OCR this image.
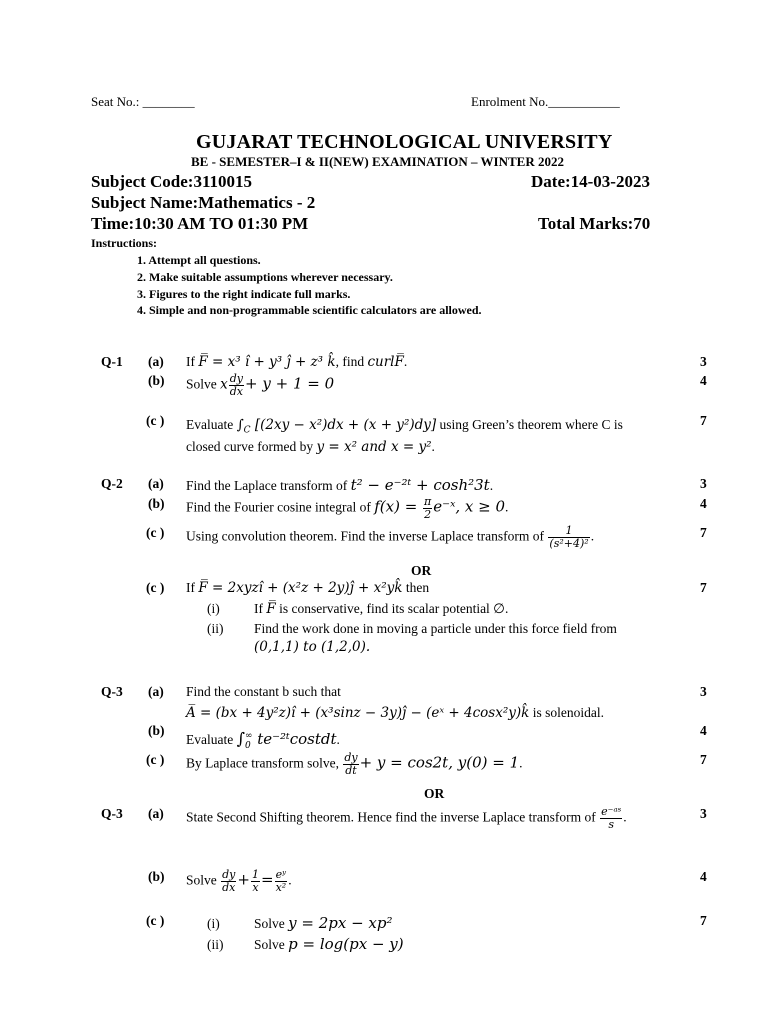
Seat No.: ________	Enrolment No.___________
GUJARAT TECHNOLOGICAL UNIVERSITY
BE - SEMESTER–I & II(NEW) EXAMINATION – WINTER 2022
Subject Code:3110015	Date:14-03-2023
Subject Name:Mathematics - 2
Time:10:30 AM TO 01:30 PM	Total Marks:70
Instructions:
1. Attempt all questions.
2. Make suitable assumptions wherever necessary.
3. Figures to the right indicate full marks.
4. Simple and non-programmable scientific calculators are allowed.
Q-1 (a) If F̅ = x³ î + y³ ĵ + z³ k̂, find curlF̅.	3
(b) Solve x $\frac{dy}{dx} + y + 1 = 0$	4
(c ) Evaluate $\int_C$ [(2xy − x²)dx + (x + y²)dy] using Green’s theorem where C is
closed curve formed by y = x² and x = y².
7
Q-2 (a) Find the Laplace transform of t² − e⁻²ᵗ + cosh²3t.	3
(b) Find the Fourier cosine integral of $f(x) = \frac{\pi}{2}$ e⁻ˣ, x ≥ 0.	4
(c ) Using convolution theorem. Find the inverse Laplace transform of $\frac{1}{\text{(s²+4)²}}$ .	7
OR
(c ) If F̅ = 2xyzî + (x²z + 2y)ĵ + x²yk̂ then	7
(i)	If F̅ is conservative, find its scalar potential ∅.
(ii) Find the work done in moving a particle under this force field from
(0,1,1) to (1,2,0).
Q-3 (a) Find the constant b such that
A̅ = (bx + 4y²z)î + (x³sinz − 3y)ĵ − (eˣ + 4cosx²y)k̂ is solenoidal.
3
(b)
Evaluate ∫ ∞
0 te⁻²ᵗcostdt.
4
(c ) By Laplace transform solve, $\frac{dy}{dt} + y = \cos 2t$, y(0) = 1.	7
OR
Q-3 (a) State Second Shifting theorem. Hence find the inverse Laplace transform of $\frac{\text{e⁻ᵃˢ}}{s}$ .	3
(b) Solve $\frac{dy}{dx} + \frac{1}{x} = \frac{\text{eʸ}}{\text{x²}}$ .	4
(c )	(i)	Solve y = 2px − xp²
(ii) Solve p = log(px − y)
7
